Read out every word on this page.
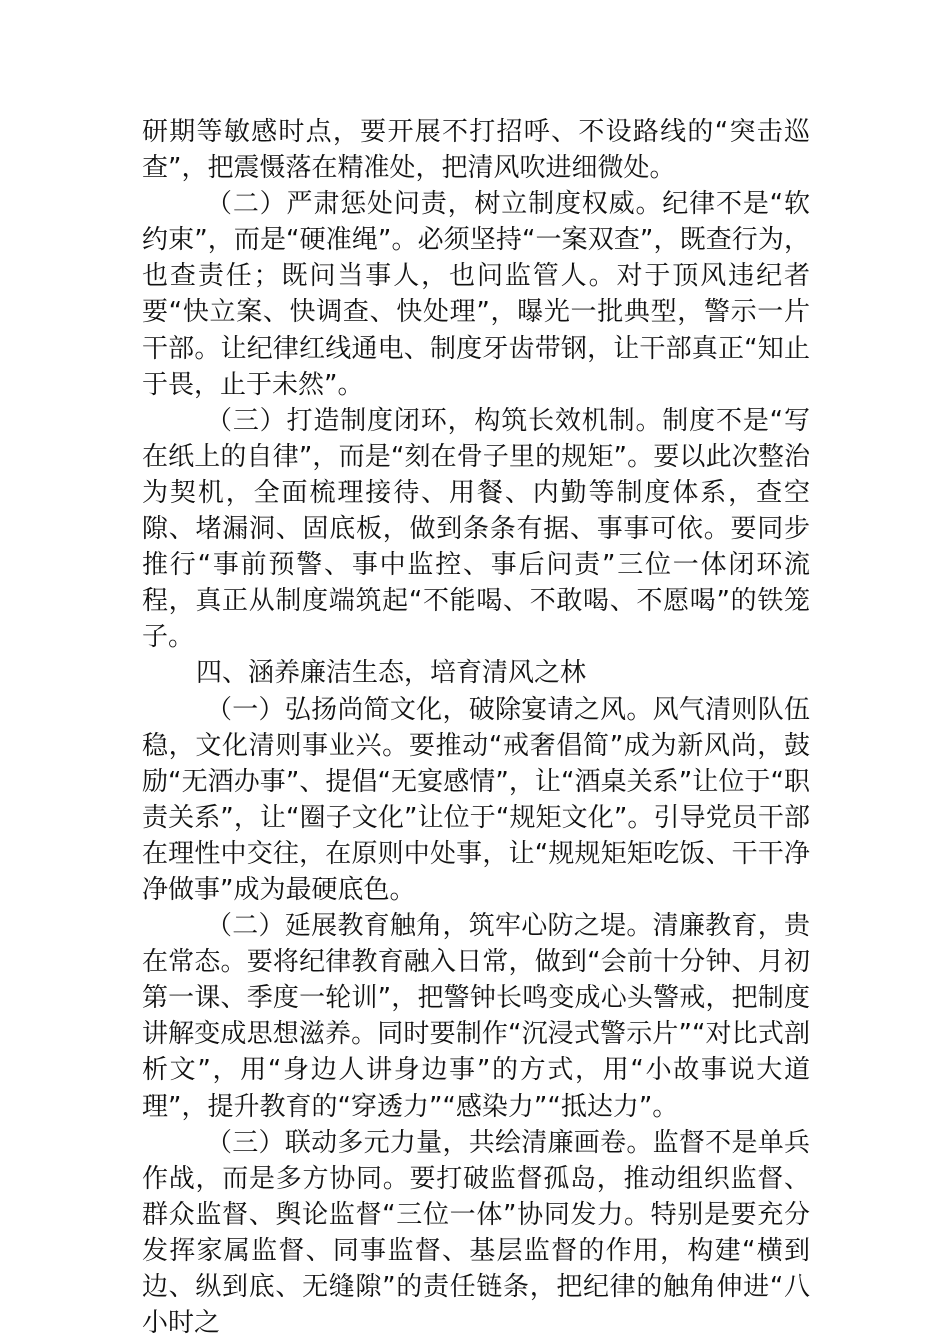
研期等敏感时点，要开展不打招呼、不设路线的“突击巡查”，把震慑落在精准处，把清风吹进细微处。

（二）严肃惩处问责，树立制度权威。纪律不是“软约束”，而是“硬准绳”。必须坚持“一案双查”，既查行为，也查责任；既问当事人，也问监管人。对于顶风违纪者要“快立案、快调查、快处理”，曝光一批典型，警示一片干部。让纪律红线通电、制度牙齿带钢，让干部真正“知止于畏，止于未然”。

（三）打造制度闭环，构筑长效机制。制度不是“写在纸上的自律”，而是“刻在骨子里的规矩”。要以此次整治为契机，全面梳理接待、用餐、内勤等制度体系，查空隙、堵漏洞、固底板，做到条条有据、事事可依。要同步推行“事前预警、事中监控、事后问责”三位一体闭环流程，真正从制度端筑起“不能喝、不敢喝、不愿喝”的铁笼子。

四、涵养廉洁生态，培育清风之林

（一）弘扬尚简文化，破除宴请之风。风气清则队伍稳，文化清则事业兴。要推动“戒奢倡简”成为新风尚，鼓励“无酒办事”、提倡“无宴感情”，让“酒桌关系”让位于“职责关系”，让“圈子文化”让位于“规矩文化”。引导党员干部在理性中交往，在原则中处事，让“规规矩矩吃饭、干干净净做事”成为最硬底色。

（二）延展教育触角，筑牢心防之堤。清廉教育，贵在常态。要将纪律教育融入日常，做到“会前十分钟、月初第一课、季度一轮训”，把警钟长鸣变成心头警戒，把制度讲解变成思想滋养。同时要制作“沉浸式警示片”“对比式剖析文”，用“身边人讲身边事”的方式，用“小故事说大道理”，提升教育的“穿透力”“感染力”“抵达力”。

（三）联动多元力量，共绘清廉画卷。监督不是单兵作战，而是多方协同。要打破监督孤岛，推动组织监督、群众监督、舆论监督“三位一体”协同发力。特别是要充分发挥家属监督、同事监督、基层监督的作用，构建“横到边、纵到底、无缝隙”的责任链条，把纪律的触角伸进“八小时之
